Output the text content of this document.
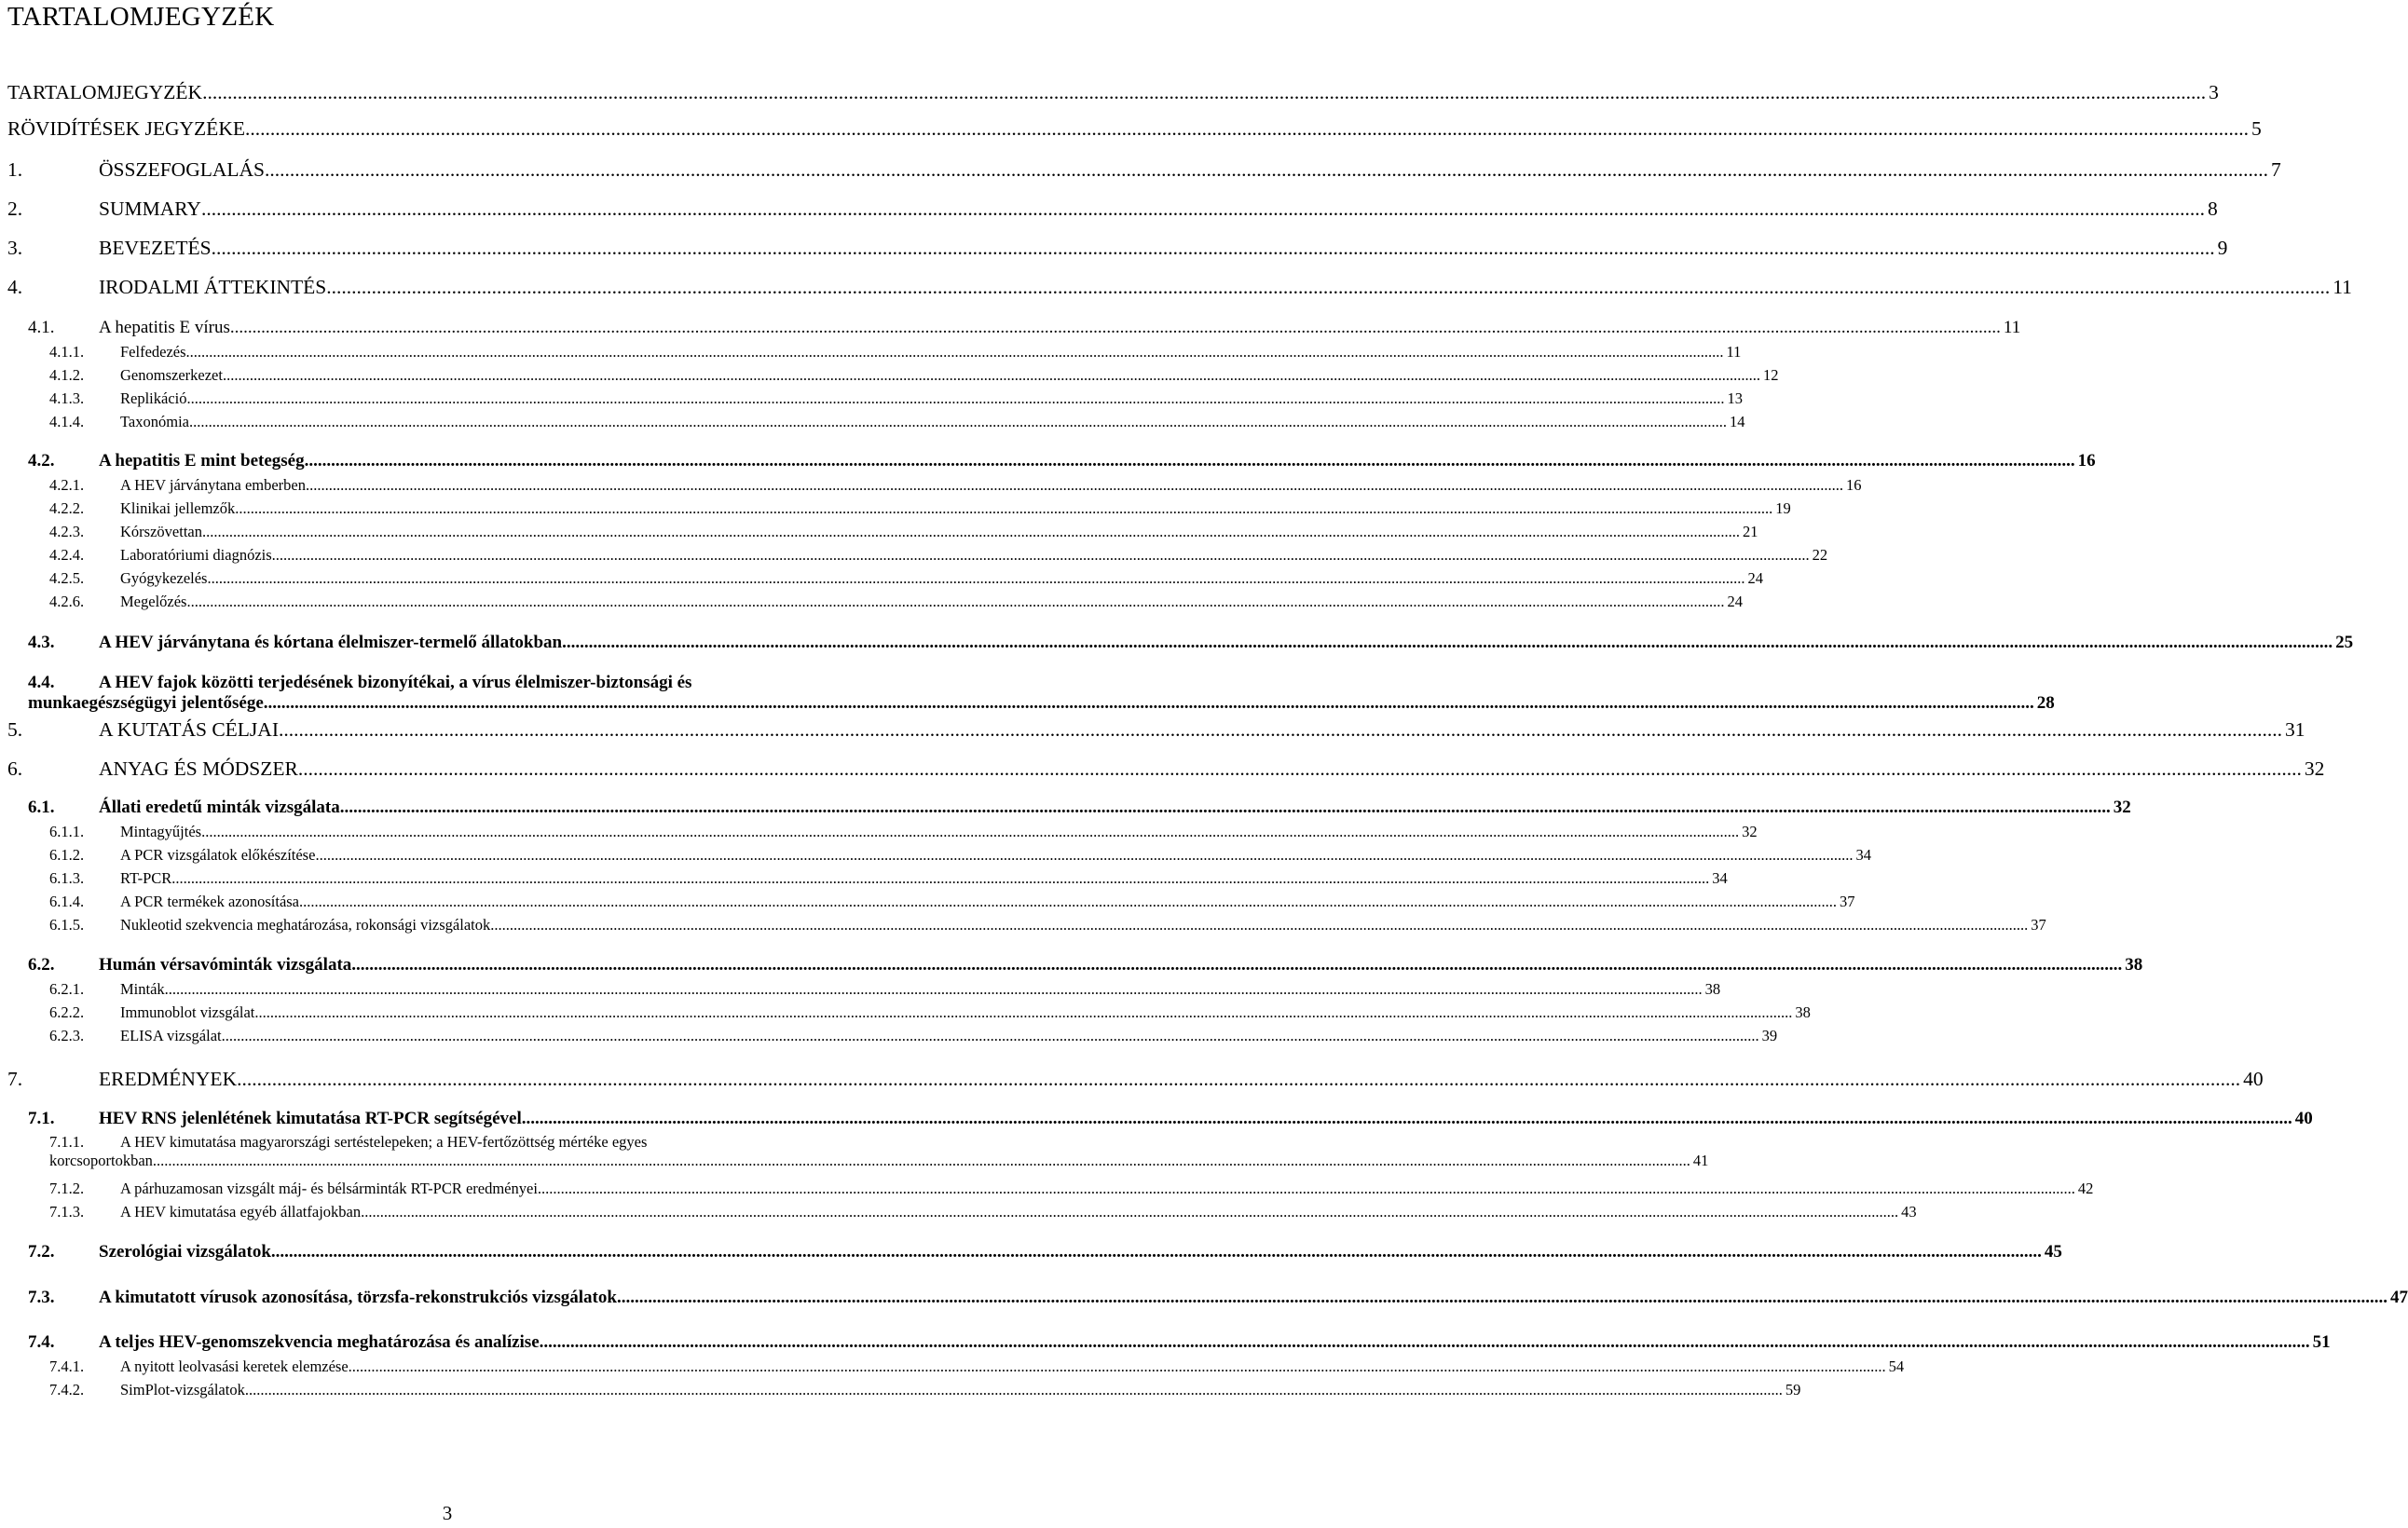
TARTALOMJEGYZÉK
TARTALOMJEGYZÉK ................................................................................................................................................................................................................................................................................................................................................................................................................ 3
RÖVIDÍTÉSEK JEGYZÉKE ................................................................................................................................................................................................................................................................................................................................................................................................................ 5
1.	ÖSSZEFOGLALÁS ................................................................................................................................................................................................................................................................................................................................................................................................................ 7
2.	SUMMARY ................................................................................................................................................................................................................................................................................................................................................................................................................ 8
3.	BEVEZETÉS ................................................................................................................................................................................................................................................................................................................................................................................................................ 9
4.	IRODALMI ÁTTEKINTÉS ................................................................................................................................................................................................................................................................................................................................................................................................................ 11
4.1.	A hepatitis E vírus ................................................................................................................................................................................................................................................................................................................................................................................................................ 11
4.1.1.	Felfedezés ................................................................................................................................................................................................................................................................................................................................................................................................................ 11
4.1.2.	Genomszerkezet ................................................................................................................................................................................................................................................................................................................................................................................................................ 12
4.1.3.	Replikáció ................................................................................................................................................................................................................................................................................................................................................................................................................ 13
4.1.4.	Taxonómia ................................................................................................................................................................................................................................................................................................................................................................................................................ 14
4.2.	A hepatitis E mint betegség ................................................................................................................................................................................................................................................................................................................................................................................................................ 16
4.2.1.	A HEV járványtana emberben ................................................................................................................................................................................................................................................................................................................................................................................................................ 16
4.2.2.	Klinikai jellemzők ................................................................................................................................................................................................................................................................................................................................................................................................................ 19
4.2.3.	Kórszövettan ................................................................................................................................................................................................................................................................................................................................................................................................................ 21
4.2.4.	Laboratóriumi diagnózis ................................................................................................................................................................................................................................................................................................................................................................................................................ 22
4.2.5.	Gyógykezelés ................................................................................................................................................................................................................................................................................................................................................................................................................ 24
4.2.6.	Megelőzés ................................................................................................................................................................................................................................................................................................................................................................................................................ 24
4.3.	A HEV járványtana és kórtana élelmiszer-termelő állatokban ................................................................................................................................................................................................................................................................................................................................................................................................................ 25
4.4.	A HEV fajok közötti terjedésének bizonyítékai, a vírus élelmiszer-biztonsági és
munkaegészségügyi jelentősége ................................................................................................................................................................................................................................................................................................................................................................................................................ 28
5.	A KUTATÁS CÉLJAI ................................................................................................................................................................................................................................................................................................................................................................................................................ 31
6.	ANYAG ÉS MÓDSZER ................................................................................................................................................................................................................................................................................................................................................................................................................ 32
6.1.	Állati eredetű minták vizsgálata ................................................................................................................................................................................................................................................................................................................................................................................................................ 32
6.1.1.	Mintagyűjtés ................................................................................................................................................................................................................................................................................................................................................................................................................ 32
6.1.2.	A PCR vizsgálatok előkészítése ................................................................................................................................................................................................................................................................................................................................................................................................................ 34
6.1.3.	RT-PCR ................................................................................................................................................................................................................................................................................................................................................................................................................ 34
6.1.4.	A PCR termékek azonosítása ................................................................................................................................................................................................................................................................................................................................................................................................................ 37
6.1.5.	Nukleotid szekvencia meghatározása, rokonsági vizsgálatok ................................................................................................................................................................................................................................................................................................................................................................................................................ 37
6.2.	Humán vérsavóminták vizsgálata ................................................................................................................................................................................................................................................................................................................................................................................................................ 38
6.2.1.	Minták ................................................................................................................................................................................................................................................................................................................................................................................................................ 38
6.2.2.	Immunoblot vizsgálat ................................................................................................................................................................................................................................................................................................................................................................................................................ 38
6.2.3.	ELISA vizsgálat ................................................................................................................................................................................................................................................................................................................................................................................................................ 39
7.	EREDMÉNYEK ................................................................................................................................................................................................................................................................................................................................................................................................................ 40
7.1.	HEV RNS jelenlétének kimutatása RT-PCR segítségével ................................................................................................................................................................................................................................................................................................................................................................................................................ 40
7.1.1.	A HEV kimutatása magyarországi sertéstelepeken; a HEV-fertőzöttség mértéke egyes
korcsoportokban ................................................................................................................................................................................................................................................................................................................................................................................................................ 41
7.1.2.	A párhuzamosan vizsgált máj- és bélsárminták RT-PCR eredményei ................................................................................................................................................................................................................................................................................................................................................................................................................ 42
7.1.3.	A HEV kimutatása egyéb állatfajokban ................................................................................................................................................................................................................................................................................................................................................................................................................ 43
7.2.	Szerológiai vizsgálatok ................................................................................................................................................................................................................................................................................................................................................................................................................ 45
7.3.	A kimutatott vírusok azonosítása, törzsfa-rekonstrukciós vizsgálatok ................................................................................................................................................................................................................................................................................................................................................................................................................ 47
7.4.	A teljes HEV-genomszekvencia meghatározása és analízise ................................................................................................................................................................................................................................................................................................................................................................................................................ 51
7.4.1.	A nyitott leolvasási keretek elemzése ................................................................................................................................................................................................................................................................................................................................................................................................................ 54
7.4.2.	SimPlot-vizsgálatok ................................................................................................................................................................................................................................................................................................................................................................................................................ 59
3
